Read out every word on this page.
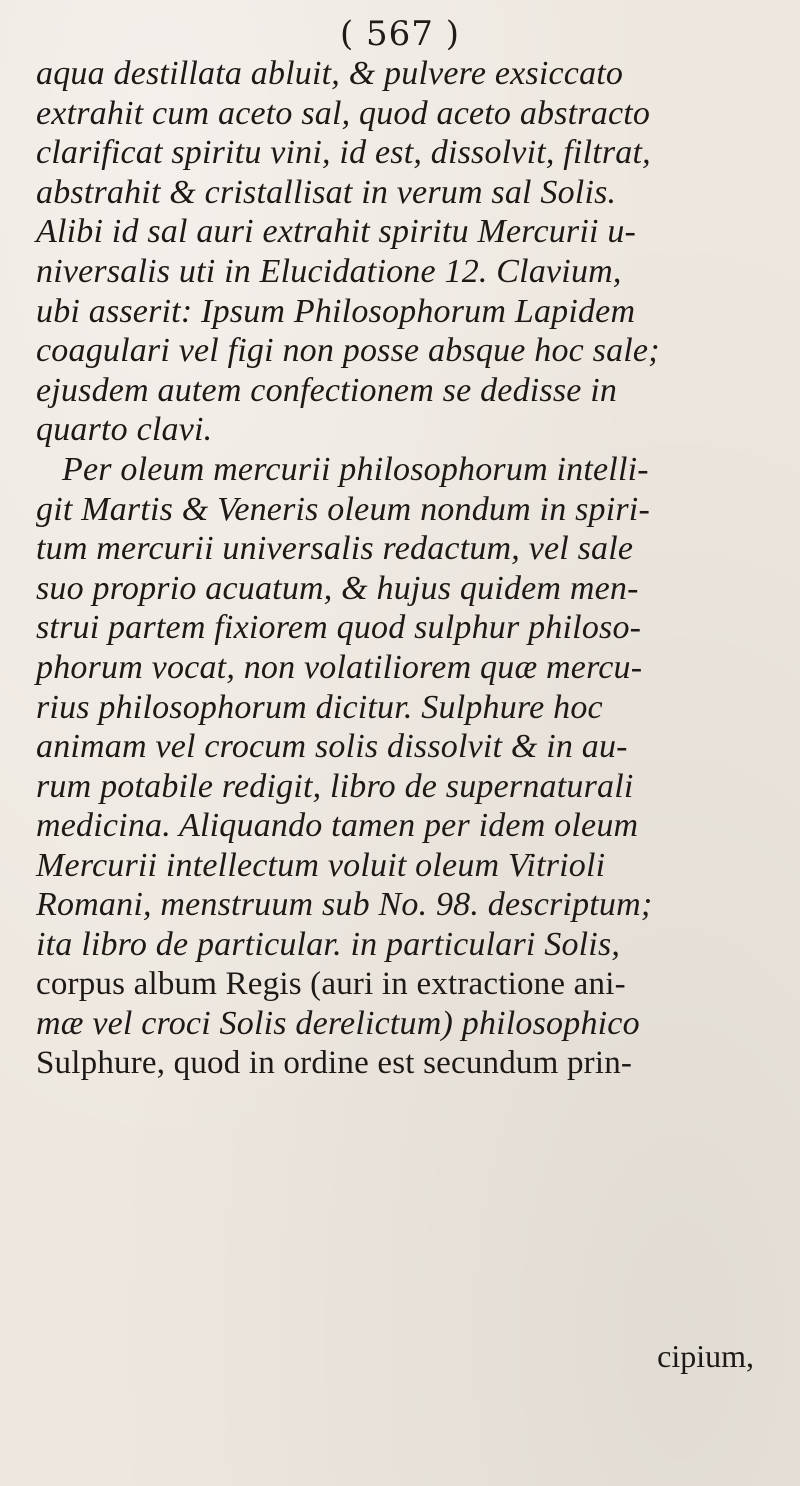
( 567 )
aqua destillata abluit, & pulvere exsiccato
extrahit cum aceto sal, quod aceto abstracto
clarificat spiritu vini, id est, dissolvit, filtrat,
abstrahit & cristallisat in verum sal Solis.
Alibi id sal auri extrahit spiritu Mercurii u-
niversalis uti in Elucidatione 12. Clavium,
ubi asserit: Ipsum Philosophorum Lapidem
coagulari vel figi non posse absque hoc sale;
ejusdem autem confectionem se dedisse in
quarto clavi.
Per oleum mercurii philosophorum intelli-
git Martis & Veneris oleum nondum in spiri-
tum mercurii universalis redactum, vel sale
suo proprio acuatum, & hujus quidem men-
strui partem fixiorem quod sulphur philoso-
phorum vocat, non volatiliorem quæ mercu-
rius philosophorum dicitur. Sulphure hoc
animam vel crocum solis dissolvit & in au-
rum potabile redigit, libro de supernaturali
medicina. Aliquando tamen per idem oleum
Mercurii intellectum voluit oleum Vitrioli
Romani, menstruum sub No. 98. descriptum;
ita libro de particular. in particulari Solis,
corpus album Regis (auri in extractione ani-
mæ vel croci Solis derelictum) philosophico
Sulphure, quod in ordine est secundum prin-
cipium,
